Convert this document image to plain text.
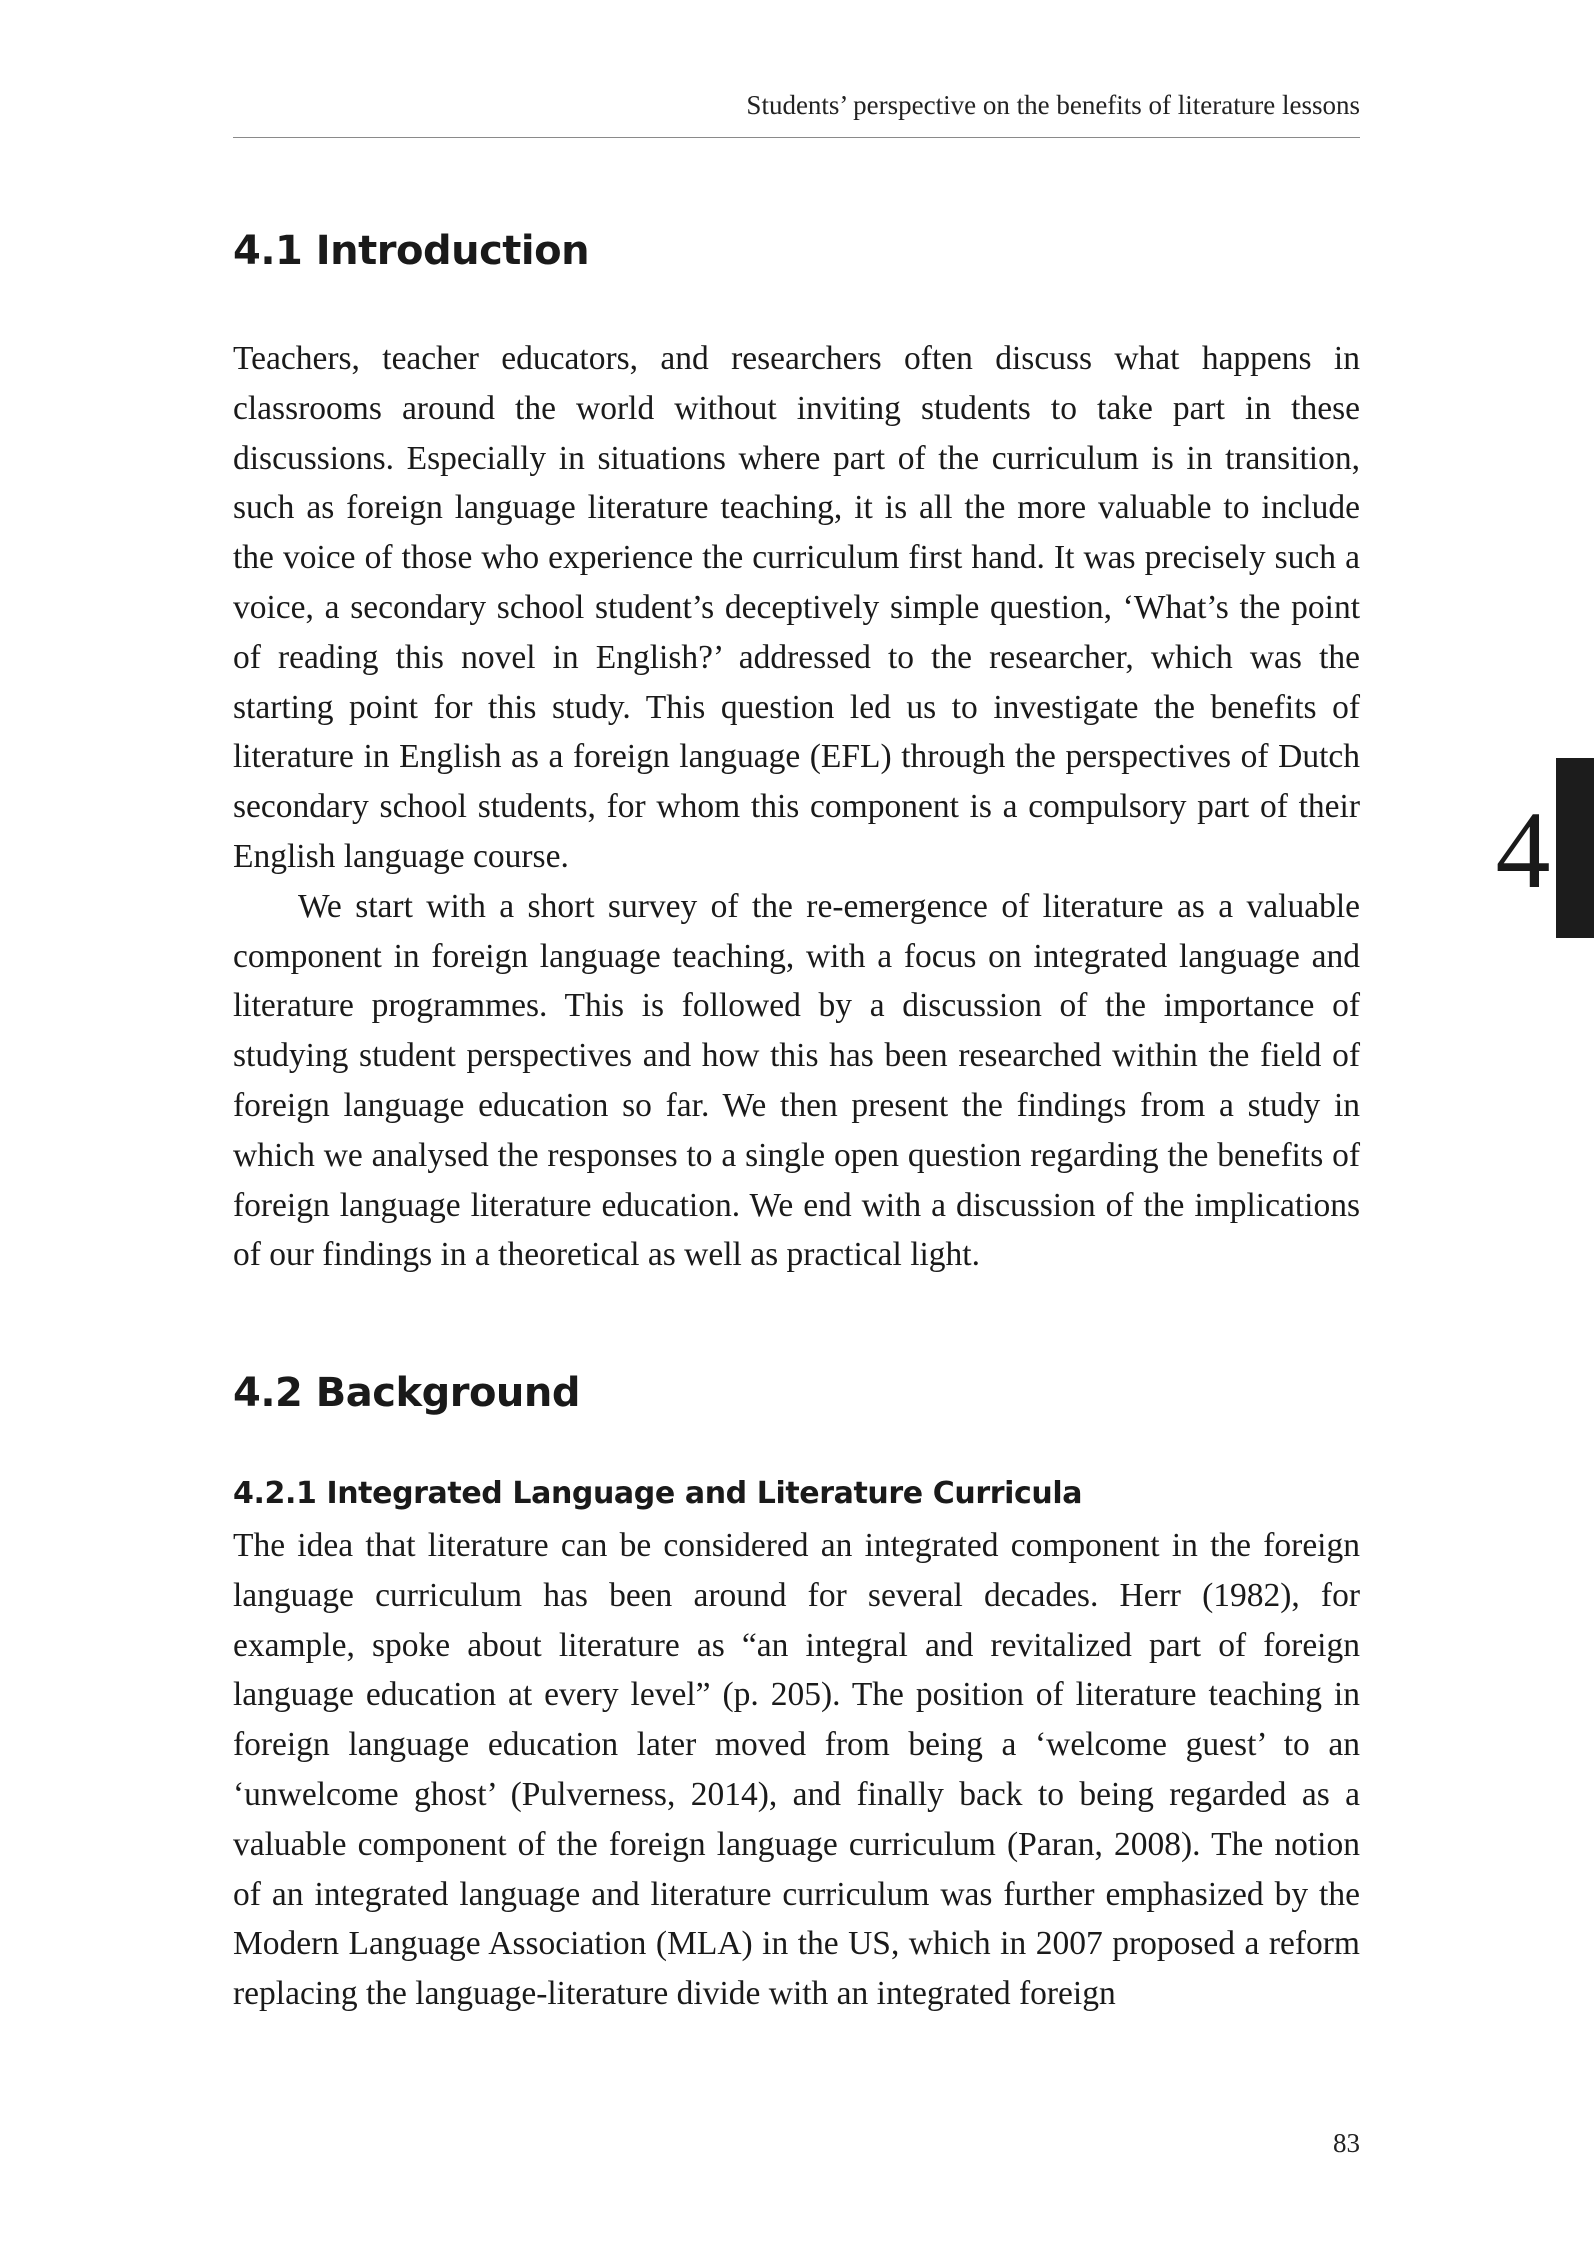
Students’ perspective on the benefits of literature lessons
4.1 Introduction

Teachers, teacher educators, and researchers often discuss what happens in classrooms around the world without inviting students to take part in these discussions. Especially in situations where part of the curriculum is in transition, such as foreign language literature teaching, it is all the more valuable to include the voice of those who experience the curriculum first hand. It was precisely such a voice, a secondary school student’s deceptively simple question, ‘What’s the point of reading this novel in English?’ addressed to the researcher, which was the starting point for this study. This question led us to investigate the benefits of literature in English as a foreign language (EFL) through the perspectives of Dutch secondary school students, for whom this component is a compulsory part of their English language course.

We start with a short survey of the re-emergence of literature as a valuable component in foreign language teaching, with a focus on integrated language and literature programmes. This is followed by a discussion of the importance of studying student perspectives and how this has been researched within the field of foreign language education so far. We then present the findings from a study in which we analysed the responses to a single open question regarding the benefits of foreign language literature education. We end with a discussion of the implications of our findings in a theoretical as well as practical light.

4.2 Background
4.2.1 Integrated Language and Literature Curricula

The idea that literature can be considered an integrated component in the foreign language curriculum has been around for several decades. Herr (1982), for example, spoke about literature as “an integral and revitalized part of foreign language education at every level” (p. 205). The position of literature teaching in foreign language education later moved from being a ‘welcome guest’ to an ‘unwelcome ghost’ (Pulverness, 2014), and finally back to being regarded as a valuable component of the foreign language curriculum (Paran, 2008). The notion of an integrated language and literature curriculum was further emphasized by the Modern Language Association (MLA) in the US, which in 2007 proposed a reform replacing the language-literature divide with an integrated foreign

4
83
